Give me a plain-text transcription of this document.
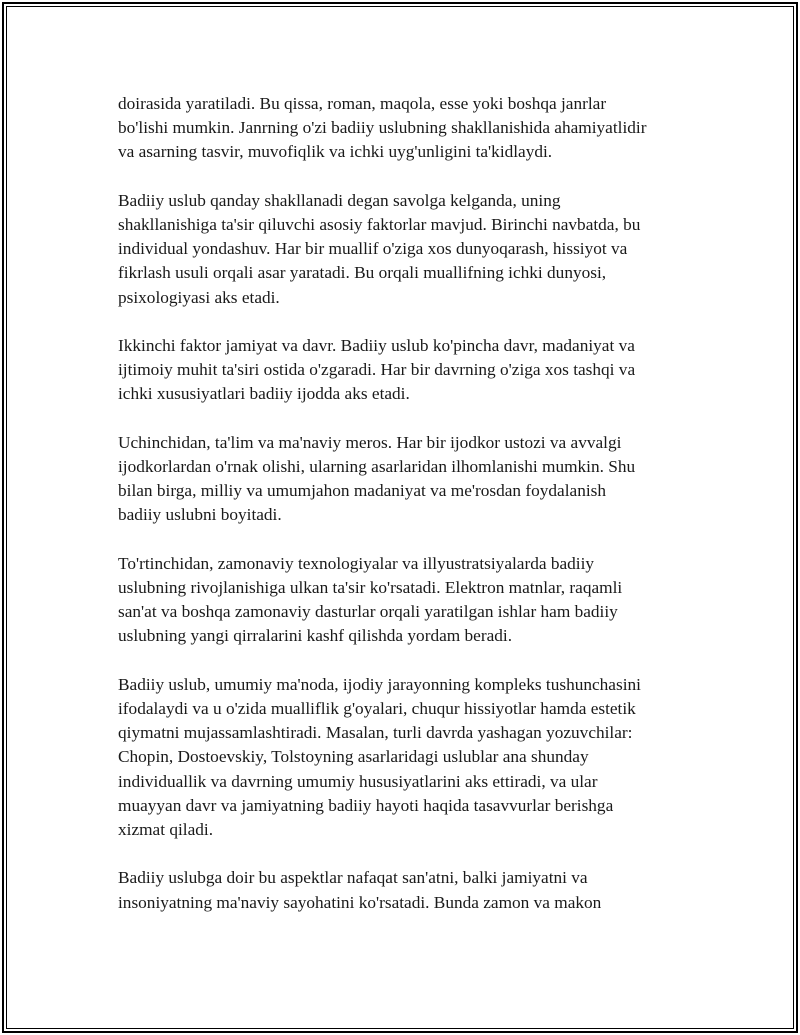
doirasida yaratiladi. Bu qissa, roman, maqola, esse yoki boshqa janrlar
bo'lishi mumkin. Janrning o'zi badiiy uslubning shakllanishida ahamiyatlidir
va asarning tasvir, muvofiqlik va ichki uyg'unligini ta'kidlaydi.

Badiiy uslub qanday shakllanadi degan savolga kelganda, uning
shakllanishiga ta'sir qiluvchi asosiy faktorlar mavjud. Birinchi navbatda, bu
individual yondashuv. Har bir muallif o'ziga xos dunyoqarash, hissiyot va
fikrlash usuli orqali asar yaratadi. Bu orqali muallifning ichki dunyosi,
psixologiyasi aks etadi.

Ikkinchi faktor jamiyat va davr. Badiiy uslub ko'pincha davr, madaniyat va
ijtimoiy muhit ta'siri ostida o'zgaradi. Har bir davrning o'ziga xos tashqi va
ichki xususiyatlari badiiy ijodda aks etadi.

Uchinchidan, ta'lim va ma'naviy meros. Har bir ijodkor ustozi va avvalgi
ijodkorlardan o'rnak olishi, ularning asarlaridan ilhomlanishi mumkin. Shu
bilan birga, milliy va umumjahon madaniyat va me'rosdan foydalanish
badiiy uslubni boyitadi.

To'rtinchidan, zamonaviy texnologiyalar va illyustratsiyalarda badiiy
uslubning rivojlanishiga ulkan ta'sir ko'rsatadi. Elektron matnlar, raqamli
san'at va boshqa zamonaviy dasturlar orqali yaratilgan ishlar ham badiiy
uslubning yangi qirralarini kashf qilishda yordam beradi.

Badiiy uslub, umumiy ma'noda, ijodiy jarayonning kompleks tushunchasini
ifodalaydi va u o'zida mualliflik g'oyalari, chuqur hissiyotlar hamda estetik
qiymatni mujassamlashtiradi. Masalan, turli davrda yashagan yozuvchilar:
Chopin, Dostoevskiy, Tolstoyning asarlaridagi uslublar ana shunday
individuallik va davrning umumiy hususiyatlarini aks ettiradi, va ular
muayyan davr va jamiyatning badiiy hayoti haqida tasavvurlar berishga
xizmat qiladi.

Badiiy uslubga doir bu aspektlar nafaqat san'atni, balki jamiyatni va
insoniyatning ma'naviy sayohatini ko'rsatadi. Bunda zamon va makon
